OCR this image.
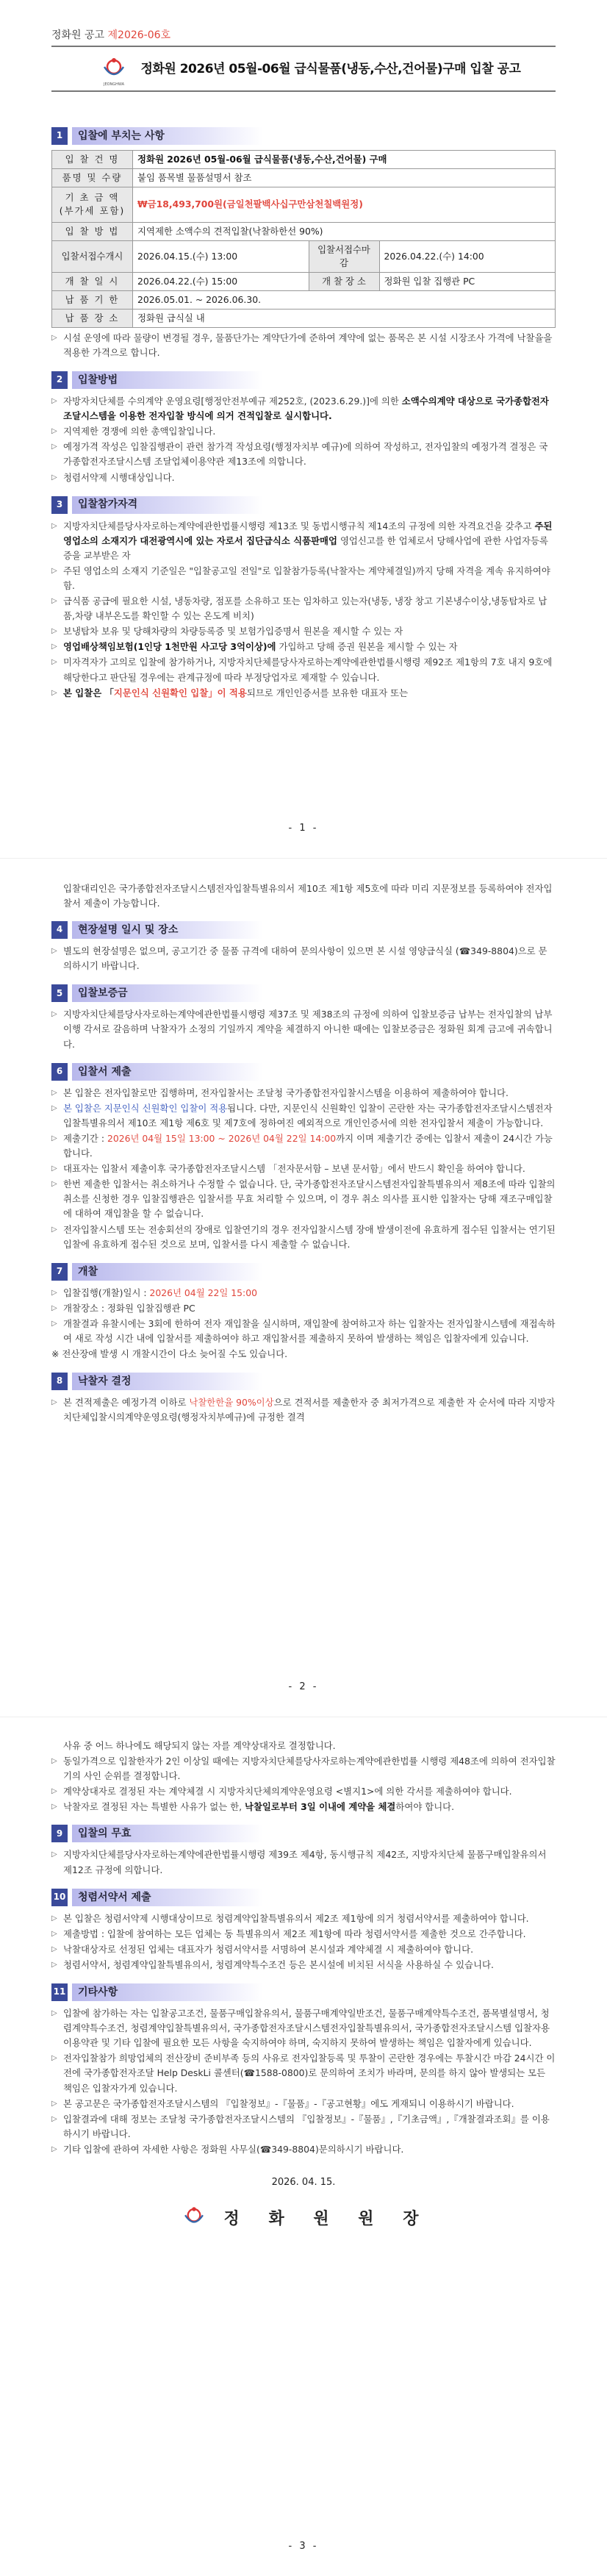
정화원 공고 제2026-06호
JEONGHWA
정화원 2026년 05월-06월 급식물품(냉동,수산,건어물)구매 입찰 공고
1	입찰에 부치는 사항
입 찰 건 명	정화원 2026년 05월-06월 급식물품(냉동,수산,건어물) 구매		
품명 및 수량	붙임 품목별 물품설명서 참조		
기 초 금 액
(부가세 포함)	₩금18,493,700원(금일천팔백사십구만삼천칠백원정)		
입 찰 방 법	지역제한 소액수의 견적입찰(낙찰하한선 90%)		
입찰서접수개시	2026.04.15.(수) 13:00	입찰서접수마감	2026.04.22.(수) 14:00
개 찰 일 시	2026.04.22.(수) 15:00	개 찰 장 소	정화원 입찰 집행관 PC
납 품 기 한	2026.05.01. ~ 2026.06.30.		
납 품 장 소	정화원 급식실 내		
▷ 시설 운영에 따라 물량이 변경될 경우, 물품단가는 계약단가에 준하여 계약에 없는 품목은 본 시설 시장조사 가격에 낙찰율을 적용한 가격으로 합니다.
2	입찰방법
▷ 자방자치단체를 수의계약 운영요령[행정안전부예규 제252호, (2023.6.29.)]에 의한 소액수의계약 대상으로 국가종합전자조달시스템을 이용한 전자입찰 방식에 의거 견적입찰로 실시합니다.
▷ 지역제한 경쟁에 의한 총액입찰입니다.
▷ 예정가격 작성은 입찰집행관이 관련 참가격 작성요령(행정자치부 예규)에 의하여 작성하고, 전자입찰의 예정가격 결정은 국가종합전자조달시스템 조달업체이용약관 제13조에 의합니다.
▷ 청렴서약제 시행대상입니다.
3	입찰참가자격
▷ 지방자치단체를당사자로하는계약에관한법률시행령 제13조 및 동법시행규칙 제14조의 규정에 의한 자격요건을 갖추고 주된 영업소의 소재지가 대전광역시에 있는 자로서 집단급식소 식품판매업 영업신고를 한 업체로서 당해사업에 관한 사업자등록증을 교부받은 자
▷ 주된 영업소의 소재지 기준일은 "입찰공고일 전일"로 입찰참가등록(낙찰자는 계약체결일)까지 당해 자격을 계속 유지하여야 함.
▷ 급식품 공급에 필요한 시설, 냉동차량, 점포를 소유하고 또는 임차하고 있는자(냉동, 냉장 창고 기본냉수이상,냉동탑차로 납품,차량 내부온도를 확인할 수 있는 온도계 비치)
▷ 보냉탑차 보유 및 당해차량의 차량등록증 및 보험가입증명서 원본을 제시할 수 있는 자
▷ 영업배상책임보험(1인당 1천만원 사고당 3억이상)에 가입하고 당해 증권 원본을 제시할 수 있는 자
▷ 미자격자가 고의로 입찰에 참가하거나, 지방자치단체를당사자로하는계약에관한법률시행령 제92조 제1항의 7호 내지 9호에 해당한다고 판단될 경우에는 관계규정에 따라 부정당업자로 제재할 수 있습니다.
▷ 본 입찰은 「지문인식 신원확인 입찰」이 적용되므로 개인인증서를 보유한 대표자 또는
- 1 -
입찰대리인은 국가종합전자조달시스템전자입찰특별유의서 제10조 제1항 제5호에 따라 미리 지문정보를 등록하여야 전자입찰서 제출이 가능합니다.
4	현장설명 일시 및 장소
▷ 별도의 현장설명은 없으며, 공고기간 중 물품 규격에 대하여 문의사항이 있으면 본 시설 영양급식실 (☎349-8804)으로 문의하시기 바랍니다.
5	입찰보증금
▷ 지방자치단체를당사자로하는계약에관한법률시행령 제37조 및 제38조의 규정에 의하여 입찰보증금 납부는 전자입찰의 납부이행 각서로 갈음하며 낙찰자가 소정의 기일까지 계약을 체결하지 아니한 때에는 입찰보증금은 정화원 회계 금고에 귀속합니다.
6	입찰서 제출
▷ 본 입찰은 전자입찰로만 집행하며, 전자입찰서는 조달청 국가종합전자입찰시스템을 이용하여 제출하여야 합니다.
▷ 본 입찰은 지문인식 신원확인 입찰이 적용됩니다. 다만, 지문인식 신원확인 입찰이 곤란한 자는 국가종합전자조달시스템전자입찰특별유의서 제10조 제1항 제6호 및 제7호에 정하여진 예외적으로 개인인증서에 의한 전자입찰서 제출이 가능합니다.
▷ 제출기간 : 2026년 04월 15일 13:00 ~ 2026년 04월 22일 14:00까지 이며 제출기간 중에는 입찰서 제출이 24시간 가능합니다.
▷ 대표자는 입찰서 제출이후 국가종합전자조달시스템 「전자문서함 – 보낸 문서함」에서 반드시 확인을 하여야 합니다.
▷ 한번 제출한 입찰서는 취소하거나 수정할 수 없습니다. 단, 국가종합전자조달시스템전자입찰특별유의서 제8조에 따라 입찰의 취소를 신청한 경우 입찰집행관은 입찰서를 무효 처리할 수 있으며, 이 경우 취소 의사를 표시한 입찰자는 당해 재조구매입찰에 대하여 재입찰을 할 수 없습니다.
▷ 전자입찰시스템 또는 전송회선의 장애로 입찰연기의 경우 전자입찰시스템 장애 발생이전에 유효하게 접수된 입찰서는 연기된 입찰에 유효하게 접수된 것으로 보며, 입찰서를 다시 제출할 수 없습니다.
7	개찰
▷ 입찰집행(개찰)일시 : 2026년 04월 22일 15:00
▷ 개찰장소 : 정화원 입찰집행관 PC
▷ 개찰결과 유찰시에는 3회에 한하여 전자 재입찰을 실시하며, 재입찰에 참여하고자 하는 입찰자는 전자입찰시스템에 재접속하여 새로 작성 시간 내에 입찰서를 제출하여야 하고 재입찰서를 제출하지 못하여 발생하는 책임은 입찰자에게 있습니다.
※ 전산장애 발생 시 개찰시간이 다소 늦어질 수도 있습니다.
8	낙찰자 결정
▷ 본 견적제출은 예정가격 이하로 낙찰한한율 90%이상으로 견적서를 제출한자 중 최저가격으로 제출한 자 순서에 따라 지방자치단체입찰시의계약운영요령(행정자치부예규)에 규정한 결격
- 2 -
사유 중 어느 하나에도 해당되지 않는 자를 계약상대자로 결정합니다.
▷ 동일가격으로 입찰한자가 2인 이상일 때에는 지방자치단체를당사자로하는계약에관한법률 시행령 제48조에 의하여 전자입찰기의 사인 순위를 결정합니다.
▷ 계약상대자로 결정된 자는 계약체결 시 지방자치단체의계약운영요령 <별지1>에 의한 각서를 제출하여야 합니다.
▷ 낙찰자로 결정된 자는 특별한 사유가 없는 한, 낙찰일로부터 3일 이내에 계약을 체결하여야 합니다.
9	입찰의 무효
▷ 지방자치단체를당사자로하는계약에관한법률시행령 제39조 제4항, 동시행규칙 제42조, 지방자치단체 물품구매입찰유의서 제12조 규정에 의합니다.
10	청렴서약서 제출
▷ 본 입찰은 청렴서약제 시행대상이므로 청렴계약입찰특별유의서 제2조 제1항에 의거 청렴서약서를 제출하여야 합니다.
▷ 제출방법 : 입찰에 참여하는 모든 업체는 동 특별유의서 제2조 제1항에 따라 청렴서약서를 제출한 것으로 간주합니다.
▷ 낙찰대상자로 선정된 업체는 대표자가 청렴서약서를 서명하여 본시설과 계약체결 시 제출하여야 합니다.
▷ 청렴서약서, 청렴계약입찰특별유의서, 청렴계약특수조건 등은 본시설에 비치된 서식을 사용하실 수 있습니다.
11	기타사항
▷ 입찰에 참가하는 자는 입찰공고조건, 물품구매입찰유의서, 물품구매계약일반조건, 물품구매계약특수조건, 품목별설명서, 청렴계약특수조건, 청렴계약입찰특별유의서, 국가종합전자조달시스템전자입찰특별유의서, 국가종합전자조달시스템 입찰자용 이용약관 및 기타 입찰에 필요한 모든 사항을 숙지하여야 하며, 숙지하지 못하여 발생하는 책임은 입찰자에게 있습니다.
▷ 전자입찰참가 희망업체의 전산장비 준비부족 등의 사유로 전자입찰등록 및 투찰이 곤란한 경우에는 투찰시간 마감 24시간 이전에 국가종합전자조달 Help DeskLi 콜센터(☎1588-0800)로 문의하여 조치가 바라며, 문의를 하지 않아 발생되는 모든 책임은 입찰자가게 있습니다.
▷ 본 공고문은 국가종합전자조달시스템의 『입찰정보』-『물품』-『공고현황』에도 게재되니 이용하시기 바랍니다.
▷ 입찰결과에 대해 정보는 조달청 국가종합전자조달시스템의 『입찰정보』-『물품』,『기초금액』,『개찰결과조회』를 이용하시기 바랍니다.
▷ 기타 입찰에 관하여 자세한 사항은 정화원 사무실(☎349-8804)문의하시기 바랍니다.
2026. 04. 15.
정 화 원 원 장
- 3 -
